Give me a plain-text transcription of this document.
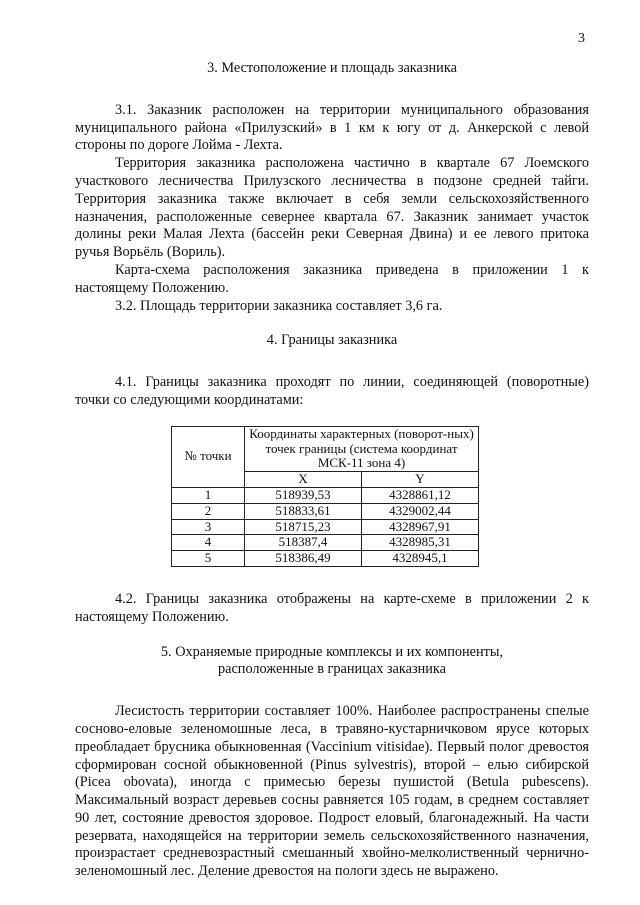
3
3. Местоположение и площадь заказника

3.1. Заказник расположен на территории муниципального образования муниципального района «Прилузский» в 1 км к югу от д. Анкерской с левой стороны по дороге Лойма - Лехта.

Территория заказника расположена частично в квартале 67 Лоемского участкового лесничества Прилузского лесничества в подзоне средней тайги. Территория заказника также включает в себя земли сельскохозяйственного назначения, расположенные севернее квартала 67. Заказник занимает участок долины реки Малая Лехта (бассейн реки Северная Двина) и ее левого притока ручья Ворьёль (Вориль).

Карта-схема расположения заказника приведена в приложении 1 к настоящему Положению.

3.2. Площадь территории заказника составляет 3,6 га.

4. Границы заказника

4.1. Границы заказника проходят по линии, соединяющей (поворотные) точки со следующими координатами:

№ точки	Координаты характерных (поворот-ных) точек границы (система координат МСК-11 зона 4)	
	X	Y
1	518939,53	4328861,12
2	518833,61	4329002,44
3	518715,23	4328967,91
4	518387,4	4328985,31
5	518386,49	4328945,1

4.2. Границы заказника отображены на карте-схеме в приложении 2 к настоящему Положению.

5. Охраняемые природные комплексы и их компоненты,
расположенные в границах заказника

Лесистость территории составляет 100%. Наиболее распространены спелые сосново-еловые зеленомошные леса, в травяно-кустарничковом ярусе которых преобладает брусника обыкновенная (Vaccinium vitisidae). Первый полог древостоя сформирован сосной обыкновенной (Pinus sylvestris), второй – елью сибирской (Picea obovata), иногда с примесью березы пушистой (Betula pubescens). Максимальный возраст деревьев сосны равняется 105 годам, в среднем составляет 90 лет, состояние древостоя здоровое. Подрост еловый, благонадежный. На части резервата, находящейся на территории земель сельскохозяйственного назначения, произрастает средневозрастный смешанный хвойно-мелколиственный чернично-зеленомошный лес. Деление древостоя на пологи здесь не выражено.
